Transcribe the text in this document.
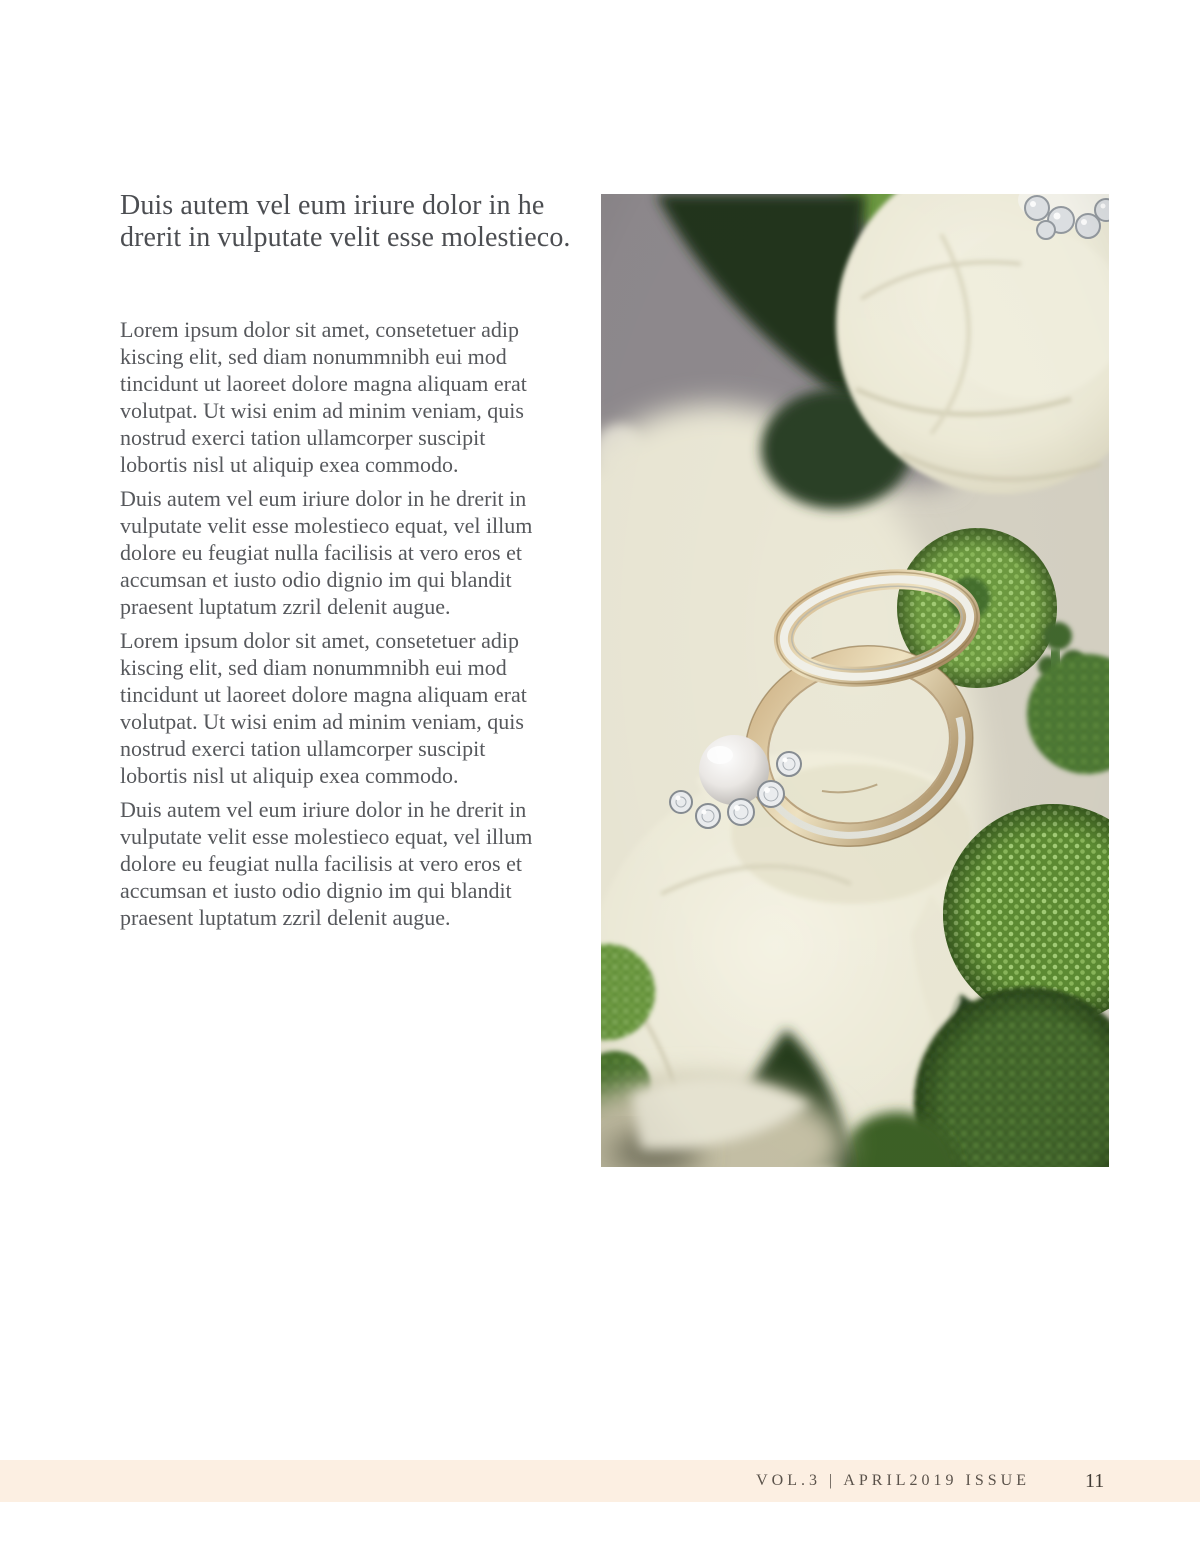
Duis autem vel eum iriure dolor in he
drerit in vulputate velit esse molestieco.

Lorem ipsum dolor sit amet, consetetuer adip kiscing elit, sed diam nonummnibh eui mod tincidunt ut laoreet dolore magna aliquam erat volutpat. Ut wisi enim ad minim veniam, quis nostrud exerci tation ullamcorper suscipit lobortis nisl ut aliquip exea commodo.

Duis autem vel eum iriure dolor in he drerit in vulputate velit esse molestieco equat, vel illum dolore eu feugiat nulla facilisis at vero eros et accumsan et iusto odio dignio im qui blandit praesent luptatum zzril delenit augue.

Lorem ipsum dolor sit amet, consetetuer adip kiscing elit, sed diam nonummnibh eui mod tincidunt ut laoreet dolore magna aliquam erat volutpat. Ut wisi enim ad minim veniam, quis nostrud exerci tation ullamcorper suscipit lobortis nisl ut aliquip exea commodo.

Duis autem vel eum iriure dolor in he drerit in vulputate velit esse molestieco equat, vel illum dolore eu feugiat nulla facilisis at vero eros et accumsan et iusto odio dignio im qui blandit praesent luptatum zzril delenit augue.

VOL.3 | APRIL2019 ISSUE	11
